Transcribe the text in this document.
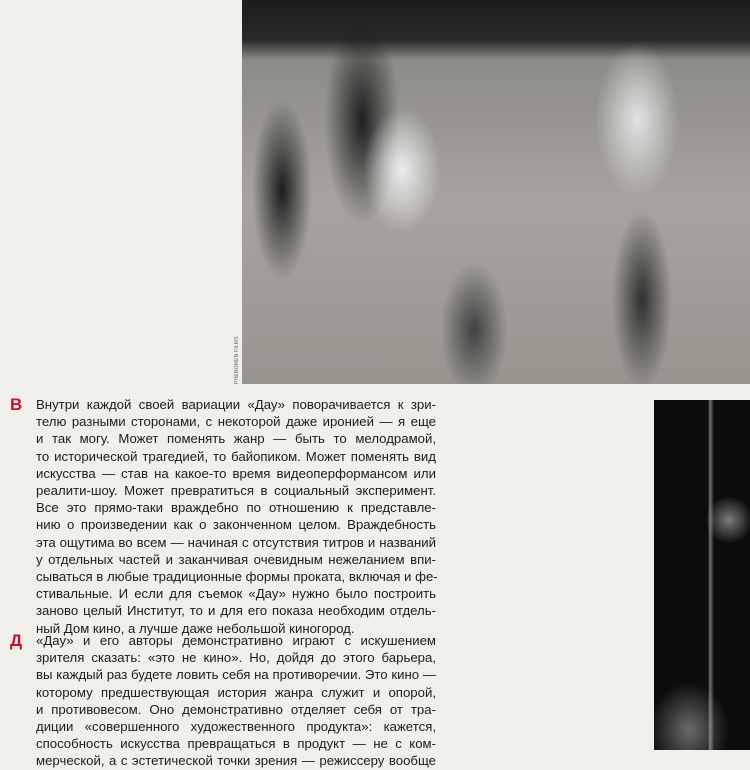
PHENOMEN FILMS
В Внутри каждой своей вариации «Дау» поворачивается к зри-
телю разными сторонами, с некоторой даже иронией — я еще
и так могу. Может поменять жанр — быть то мелодрамой,
то исторической трагедией, то байопиком. Может поменять вид
искусства — став на какое-то время видеоперформансом или
реалити-шоу. Может превратиться в социальный эксперимент.
Все это прямо-таки враждебно по отношению к представле-
нию о произведении как о законченном целом. Враждебность
эта ощутима во всем — начиная с отсутствия титров и названий
у отдельных частей и заканчивая очевидным нежеланием впи-
сываться в любые традиционные формы проката, включая и фе-
стивальные. И если для съемок «Дау» нужно было построить
заново целый Институт, то и для его показа необходим отдель-
ный Дом кино, а лучше даже небольшой киногород.
Д «Дау» и его авторы демонстративно играют с искушением
зрителя сказать: «это не кино». Но, дойдя до этого барьера,
вы каждый раз будете ловить себя на противоречии. Это кино —
которому предшествующая история жанра служит и опорой,
и противовесом. Оно демонстративно отделяет себя от тра-
диции «совершенного художественного продукта»: кажется,
способность искусства превращаться в продукт — не с ком-
мерческой, а с эстетической точки зрения — режиссеру вообще
